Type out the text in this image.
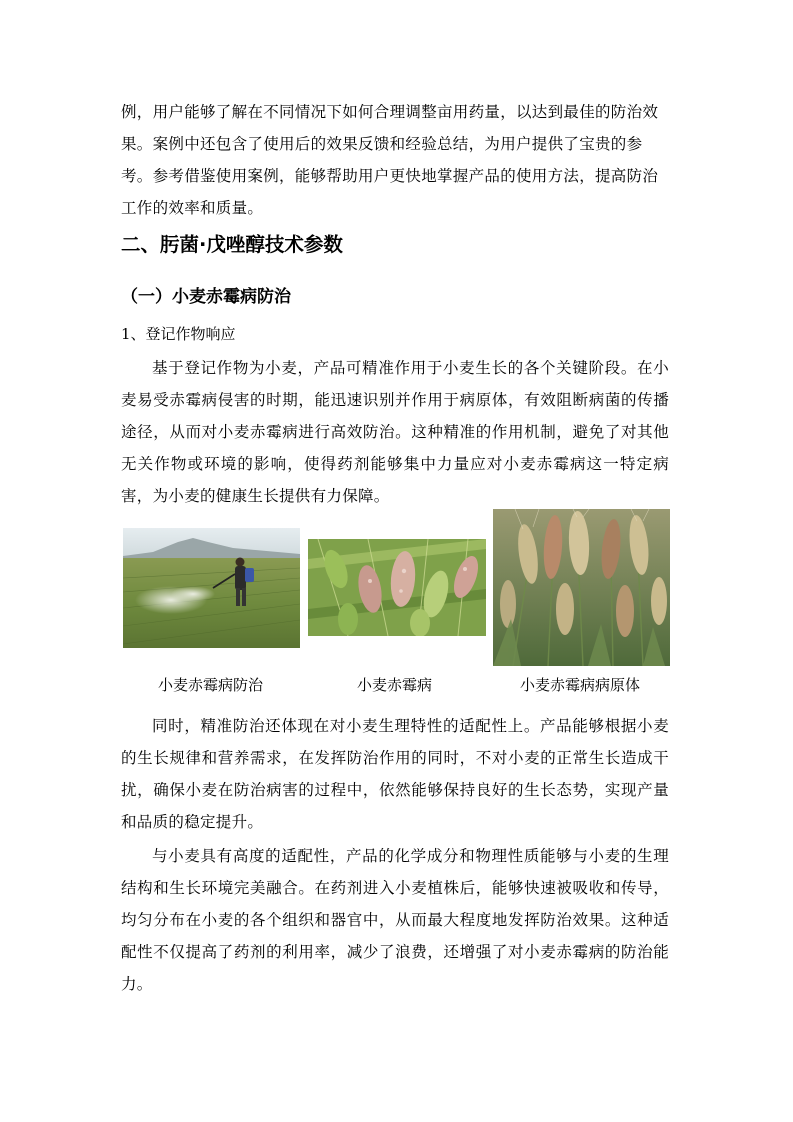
例，用户能够了解在不同情况下如何合理调整亩用药量，以达到最佳的防治效
果。案例中还包含了使用后的效果反馈和经验总结，为用户提供了宝贵的参
考。参考借鉴使用案例，能够帮助用户更快地掌握产品的使用方法，提高防治
工作的效率和质量。
二、肟菌·戊唑醇技术参数
（一）小麦赤霉病防治
1、登记作物响应

基于登记作物为小麦，产品可精准作用于小麦生长的各个关键阶段。在小麦易受赤霉病侵害的时期，能迅速识别并作用于病原体，有效阻断病菌的传播途径，从而对小麦赤霉病进行高效防治。这种精准的作用机制，避免了对其他无关作物或环境的影响，使得药剂能够集中力量应对小麦赤霉病这一特定病害，为小麦的健康生长提供有力保障。

小麦赤霉病防治	小麦赤霉病	小麦赤霉病病原体

同时，精准防治还体现在对小麦生理特性的适配性上。产品能够根据小麦的生长规律和营养需求，在发挥防治作用的同时，不对小麦的正常生长造成干扰，确保小麦在防治病害的过程中，依然能够保持良好的生长态势，实现产量和品质的稳定提升。

与小麦具有高度的适配性，产品的化学成分和物理性质能够与小麦的生理结构和生长环境完美融合。在药剂进入小麦植株后，能够快速被吸收和传导，均匀分布在小麦的各个组织和器官中，从而最大程度地发挥防治效果。这种适配性不仅提高了药剂的利用率，减少了浪费，还增强了对小麦赤霉病的防治能力。
